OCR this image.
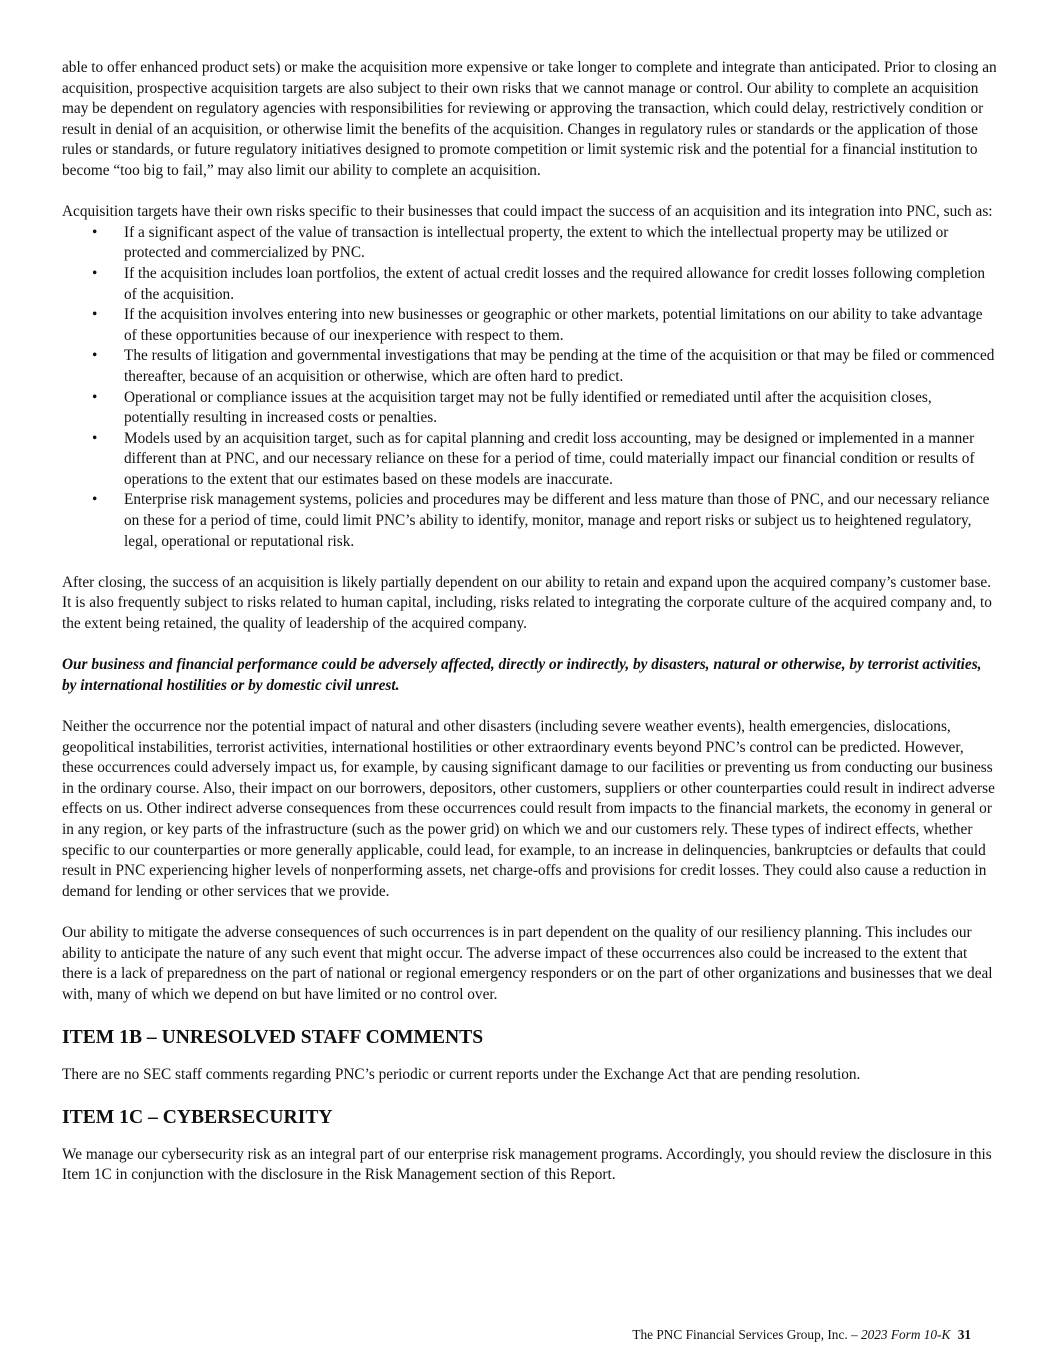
able to offer enhanced product sets) or make the acquisition more expensive or take longer to complete and integrate than anticipated. Prior to closing an acquisition, prospective acquisition targets are also subject to their own risks that we cannot manage or control. Our ability to complete an acquisition may be dependent on regulatory agencies with responsibilities for reviewing or approving the transaction, which could delay, restrictively condition or result in denial of an acquisition, or otherwise limit the benefits of the acquisition. Changes in regulatory rules or standards or the application of those rules or standards, or future regulatory initiatives designed to promote competition or limit systemic risk and the potential for a financial institution to become “too big to fail,” may also limit our ability to complete an acquisition.

Acquisition targets have their own risks specific to their businesses that could impact the success of an acquisition and its integration into PNC, such as:

• If a significant aspect of the value of transaction is intellectual property, the extent to which the intellectual property may be utilized or protected and commercialized by PNC.
• If the acquisition includes loan portfolios, the extent of actual credit losses and the required allowance for credit losses following completion of the acquisition.
• If the acquisition involves entering into new businesses or geographic or other markets, potential limitations on our ability to take advantage of these opportunities because of our inexperience with respect to them.
• The results of litigation and governmental investigations that may be pending at the time of the acquisition or that may be filed or commenced thereafter, because of an acquisition or otherwise, which are often hard to predict.
• Operational or compliance issues at the acquisition target may not be fully identified or remediated until after the acquisition closes, potentially resulting in increased costs or penalties.
• Models used by an acquisition target, such as for capital planning and credit loss accounting, may be designed or implemented in a manner different than at PNC, and our necessary reliance on these for a period of time, could materially impact our financial condition or results of operations to the extent that our estimates based on these models are inaccurate.
• Enterprise risk management systems, policies and procedures may be different and less mature than those of PNC, and our necessary reliance on these for a period of time, could limit PNC’s ability to identify, monitor, manage and report risks or subject us to heightened regulatory, legal, operational or reputational risk.

After closing, the success of an acquisition is likely partially dependent on our ability to retain and expand upon the acquired company’s customer base. It is also frequently subject to risks related to human capital, including, risks related to integrating the corporate culture of the acquired company and, to the extent being retained, the quality of leadership of the acquired company.

Our business and financial performance could be adversely affected, directly or indirectly, by disasters, natural or otherwise, by terrorist activities, by international hostilities or by domestic civil unrest.

Neither the occurrence nor the potential impact of natural and other disasters (including severe weather events), health emergencies, dislocations, geopolitical instabilities, terrorist activities, international hostilities or other extraordinary events beyond PNC’s control can be predicted. However, these occurrences could adversely impact us, for example, by causing significant damage to our facilities or preventing us from conducting our business in the ordinary course. Also, their impact on our borrowers, depositors, other customers, suppliers or other counterparties could result in indirect adverse effects on us. Other indirect adverse consequences from these occurrences could result from impacts to the financial markets, the economy in general or in any region, or key parts of the infrastructure (such as the power grid) on which we and our customers rely. These types of indirect effects, whether specific to our counterparties or more generally applicable, could lead, for example, to an increase in delinquencies, bankruptcies or defaults that could result in PNC experiencing higher levels of nonperforming assets, net charge-offs and provisions for credit losses. They could also cause a reduction in demand for lending or other services that we provide.

Our ability to mitigate the adverse consequences of such occurrences is in part dependent on the quality of our resiliency planning. This includes our ability to anticipate the nature of any such event that might occur. The adverse impact of these occurrences also could be increased to the extent that there is a lack of preparedness on the part of national or regional emergency responders or on the part of other organizations and businesses that we deal with, many of which we depend on but have limited or no control over.

ITEM 1B – UNRESOLVED STAFF COMMENTS

There are no SEC staff comments regarding PNC’s periodic or current reports under the Exchange Act that are pending resolution.

ITEM 1C – CYBERSECURITY

We manage our cybersecurity risk as an integral part of our enterprise risk management programs. Accordingly, you should review the disclosure in this Item 1C in conjunction with the disclosure in the Risk Management section of this Report.

The PNC Financial Services Group, Inc. – 2023 Form 10-K 31
